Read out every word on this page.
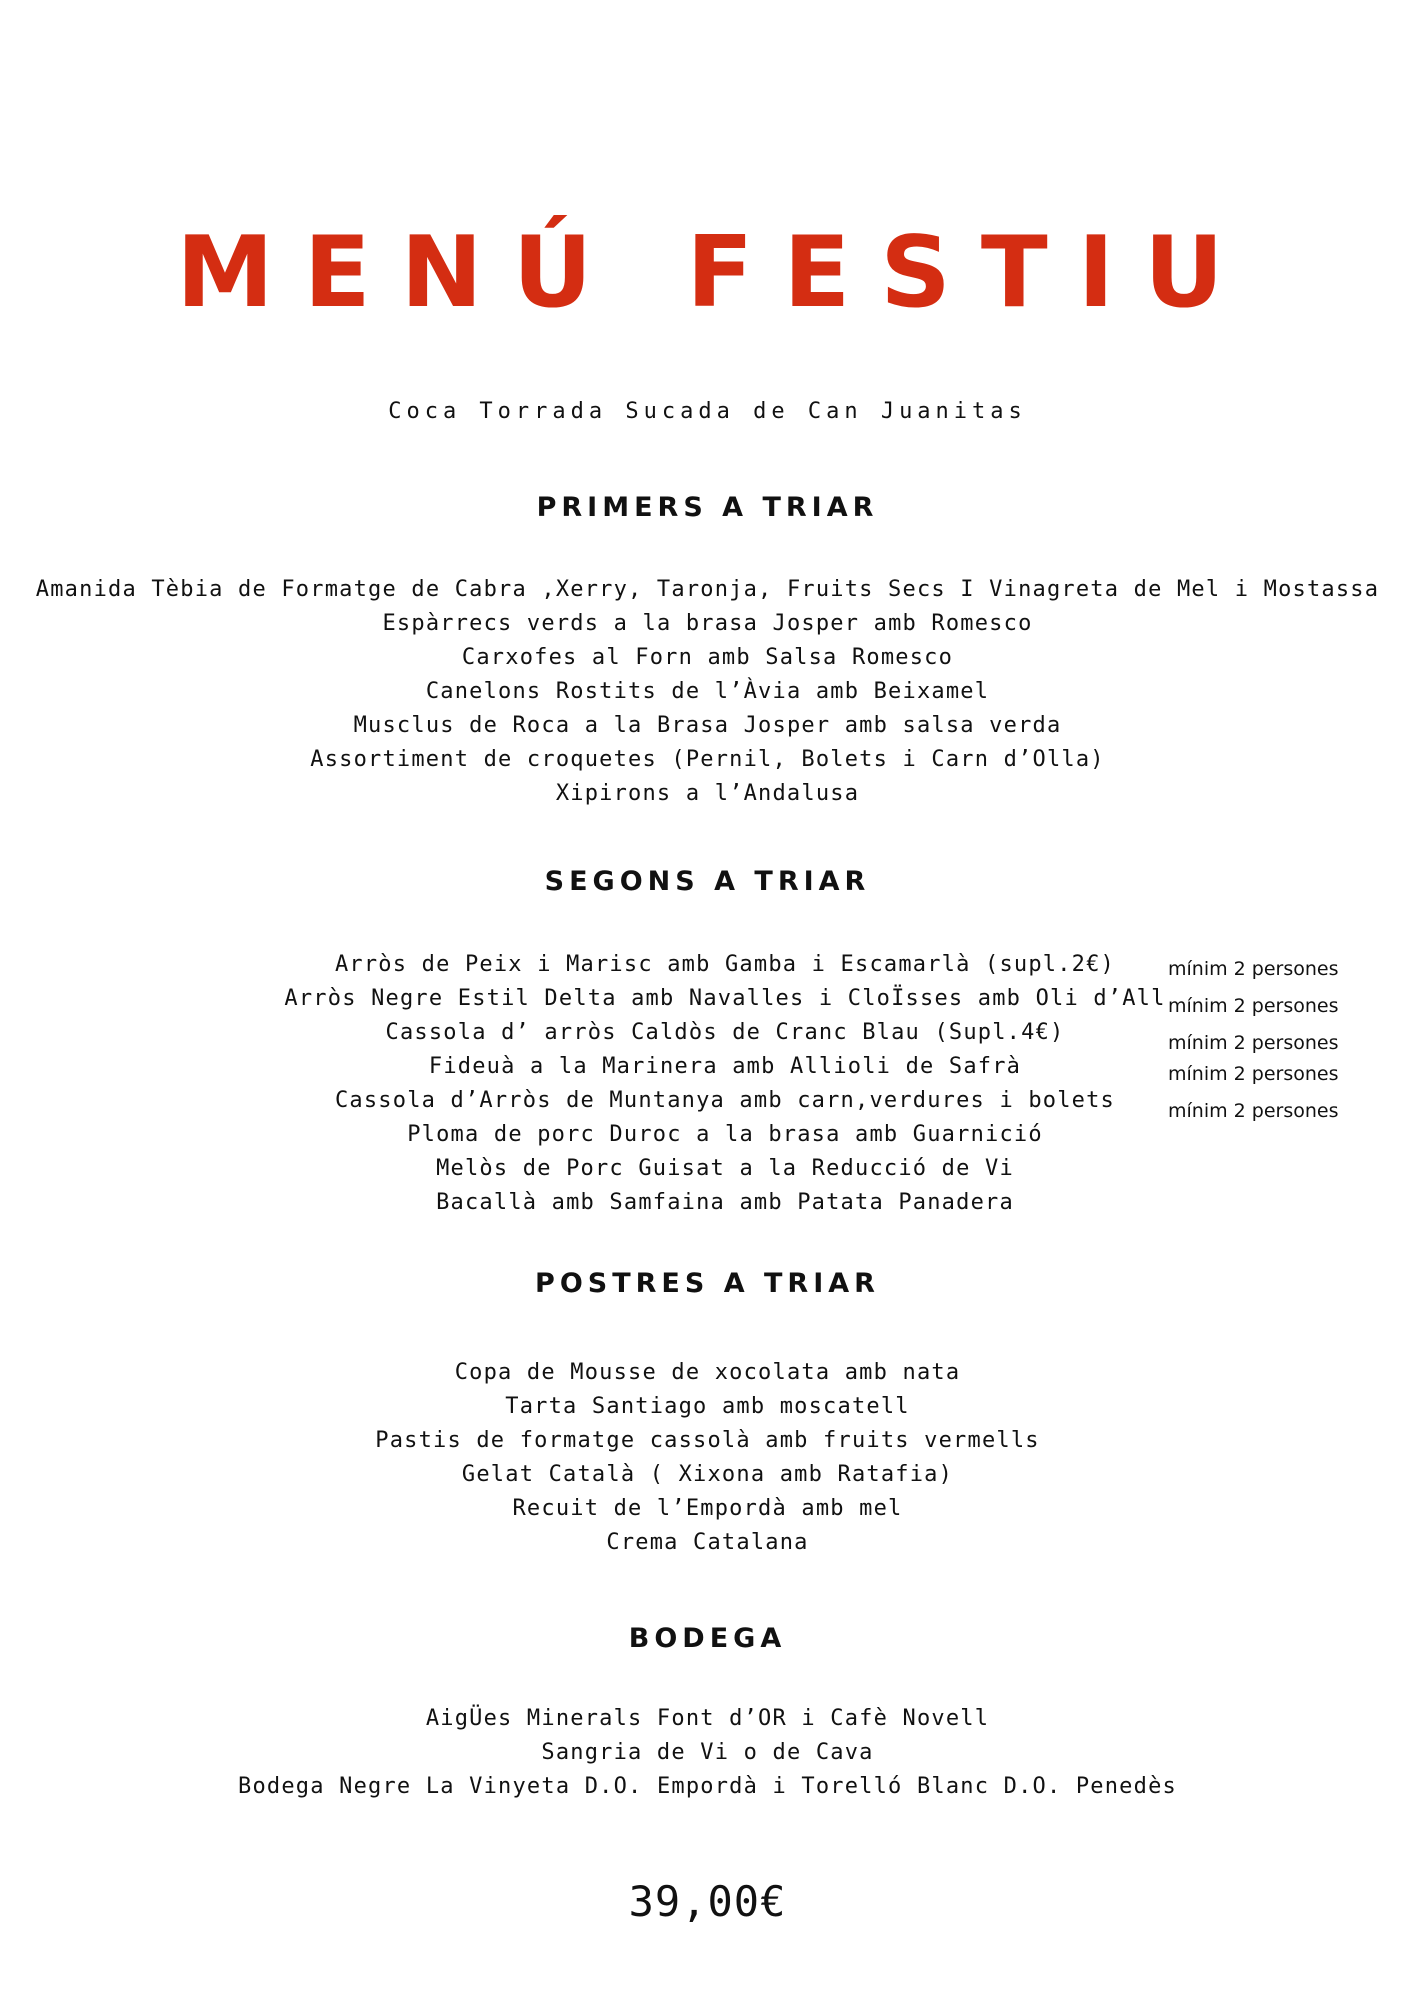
MENÚ FESTIU
Coca Torrada Sucada de Can Juanitas
PRIMERS A TRIAR
Amanida Tèbia de Formatge de Cabra ,Xerry, Taronja, Fruits Secs I Vinagreta de Mel i Mostassa
Espàrrecs verds a la brasa Josper amb Romesco
Carxofes al Forn amb Salsa Romesco
Canelons Rostits de l’Àvia amb Beixamel
Musclus de Roca a la Brasa Josper amb salsa verda
Assortiment de croquetes (Pernil, Bolets i Carn d’Olla)
Xipirons a l’Andalusa
SEGONS A TRIAR
Arròs de Peix i Marisc amb Gamba i Escamarlà (supl.2€)
Arròs Negre Estil Delta amb Navalles i CloÏsses amb Oli d’All
Cassola d’ arròs Caldòs de Cranc Blau (Supl.4€)
Fideuà a la Marinera amb Allioli de Safrà
Cassola d’Arròs de Muntanya amb carn,verdures i bolets
Ploma de porc Duroc a la brasa amb Guarnició
Melòs de Porc Guisat a la Reducció de Vi
Bacallà amb Samfaina amb Patata Panadera
mínim 2 persones
mínim 2 persones
mínim 2 persones
mínim 2 persones
mínim 2 persones
POSTRES A TRIAR
Copa de Mousse de xocolata amb nata
Tarta Santiago amb moscatell
Pastis de formatge cassolà amb fruits vermells
Gelat Català ( Xixona amb Ratafia)
Recuit de l’Empordà amb mel
Crema Catalana
BODEGA
AigÜes Minerals Font d’OR i Cafè Novell
Sangria de Vi o de Cava
Bodega Negre La Vinyeta D.O. Empordà i Torelló Blanc D.O. Penedès
39,00€
